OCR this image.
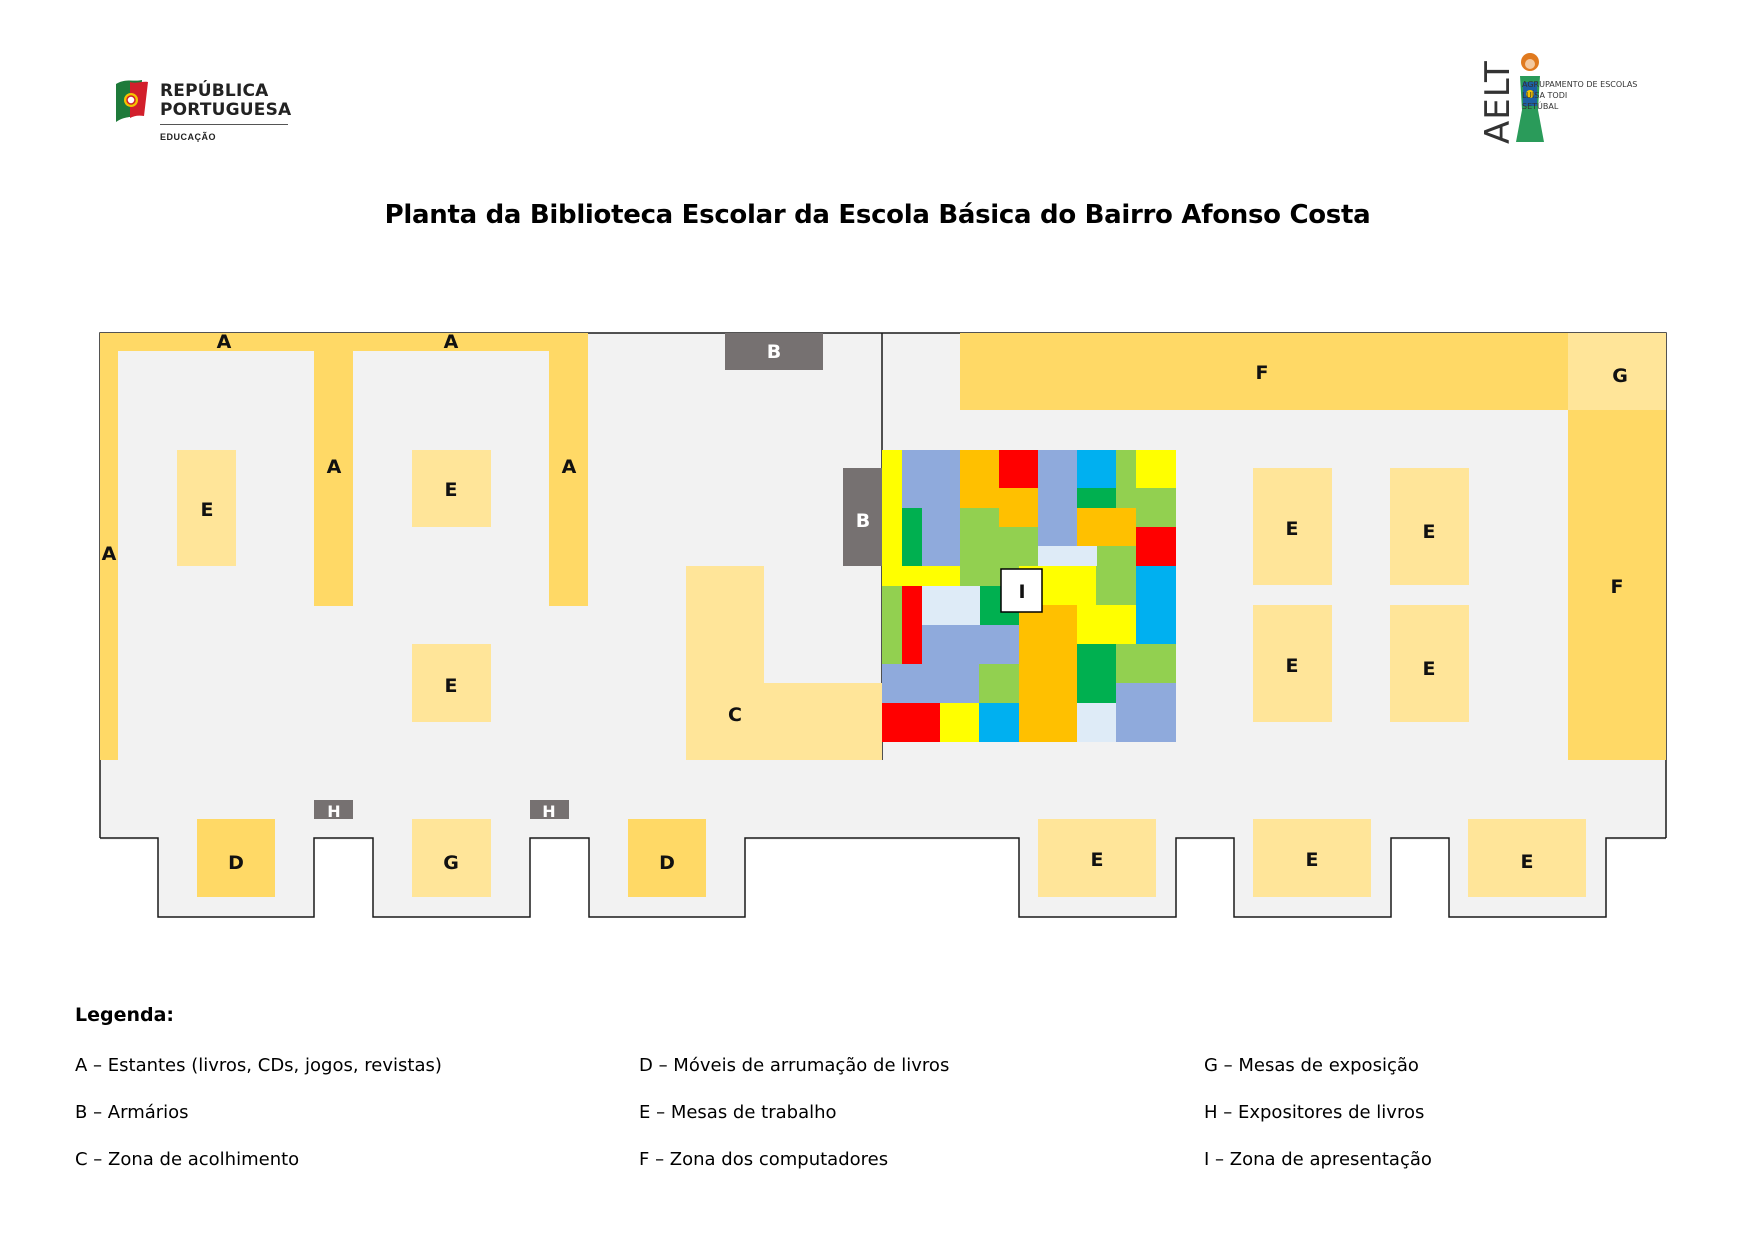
REPÚBLICA
PORTUGUESA
EDUCAÇÃO	AELT AGRUPAMENTO DE ESCOLAS
LUÍSA TODI
SETÚBAL
Planta da Biblioteca Escolar da Escola Básica do Bairro Afonso Costa
A	A
A	A
A
B
B
C
E
E
E
E	E
E	E
E	E	E
F
F
G
G
D	D
H	H
I
Legenda:
A – Estantes (livros, CDs, jogos, revistas)
B – Armários
C – Zona de acolhimento
D – Móveis de arrumação de livros
E – Mesas de trabalho
F – Zona dos computadores
G – Mesas de exposição
H – Expositores de livros
I – Zona de apresentação
